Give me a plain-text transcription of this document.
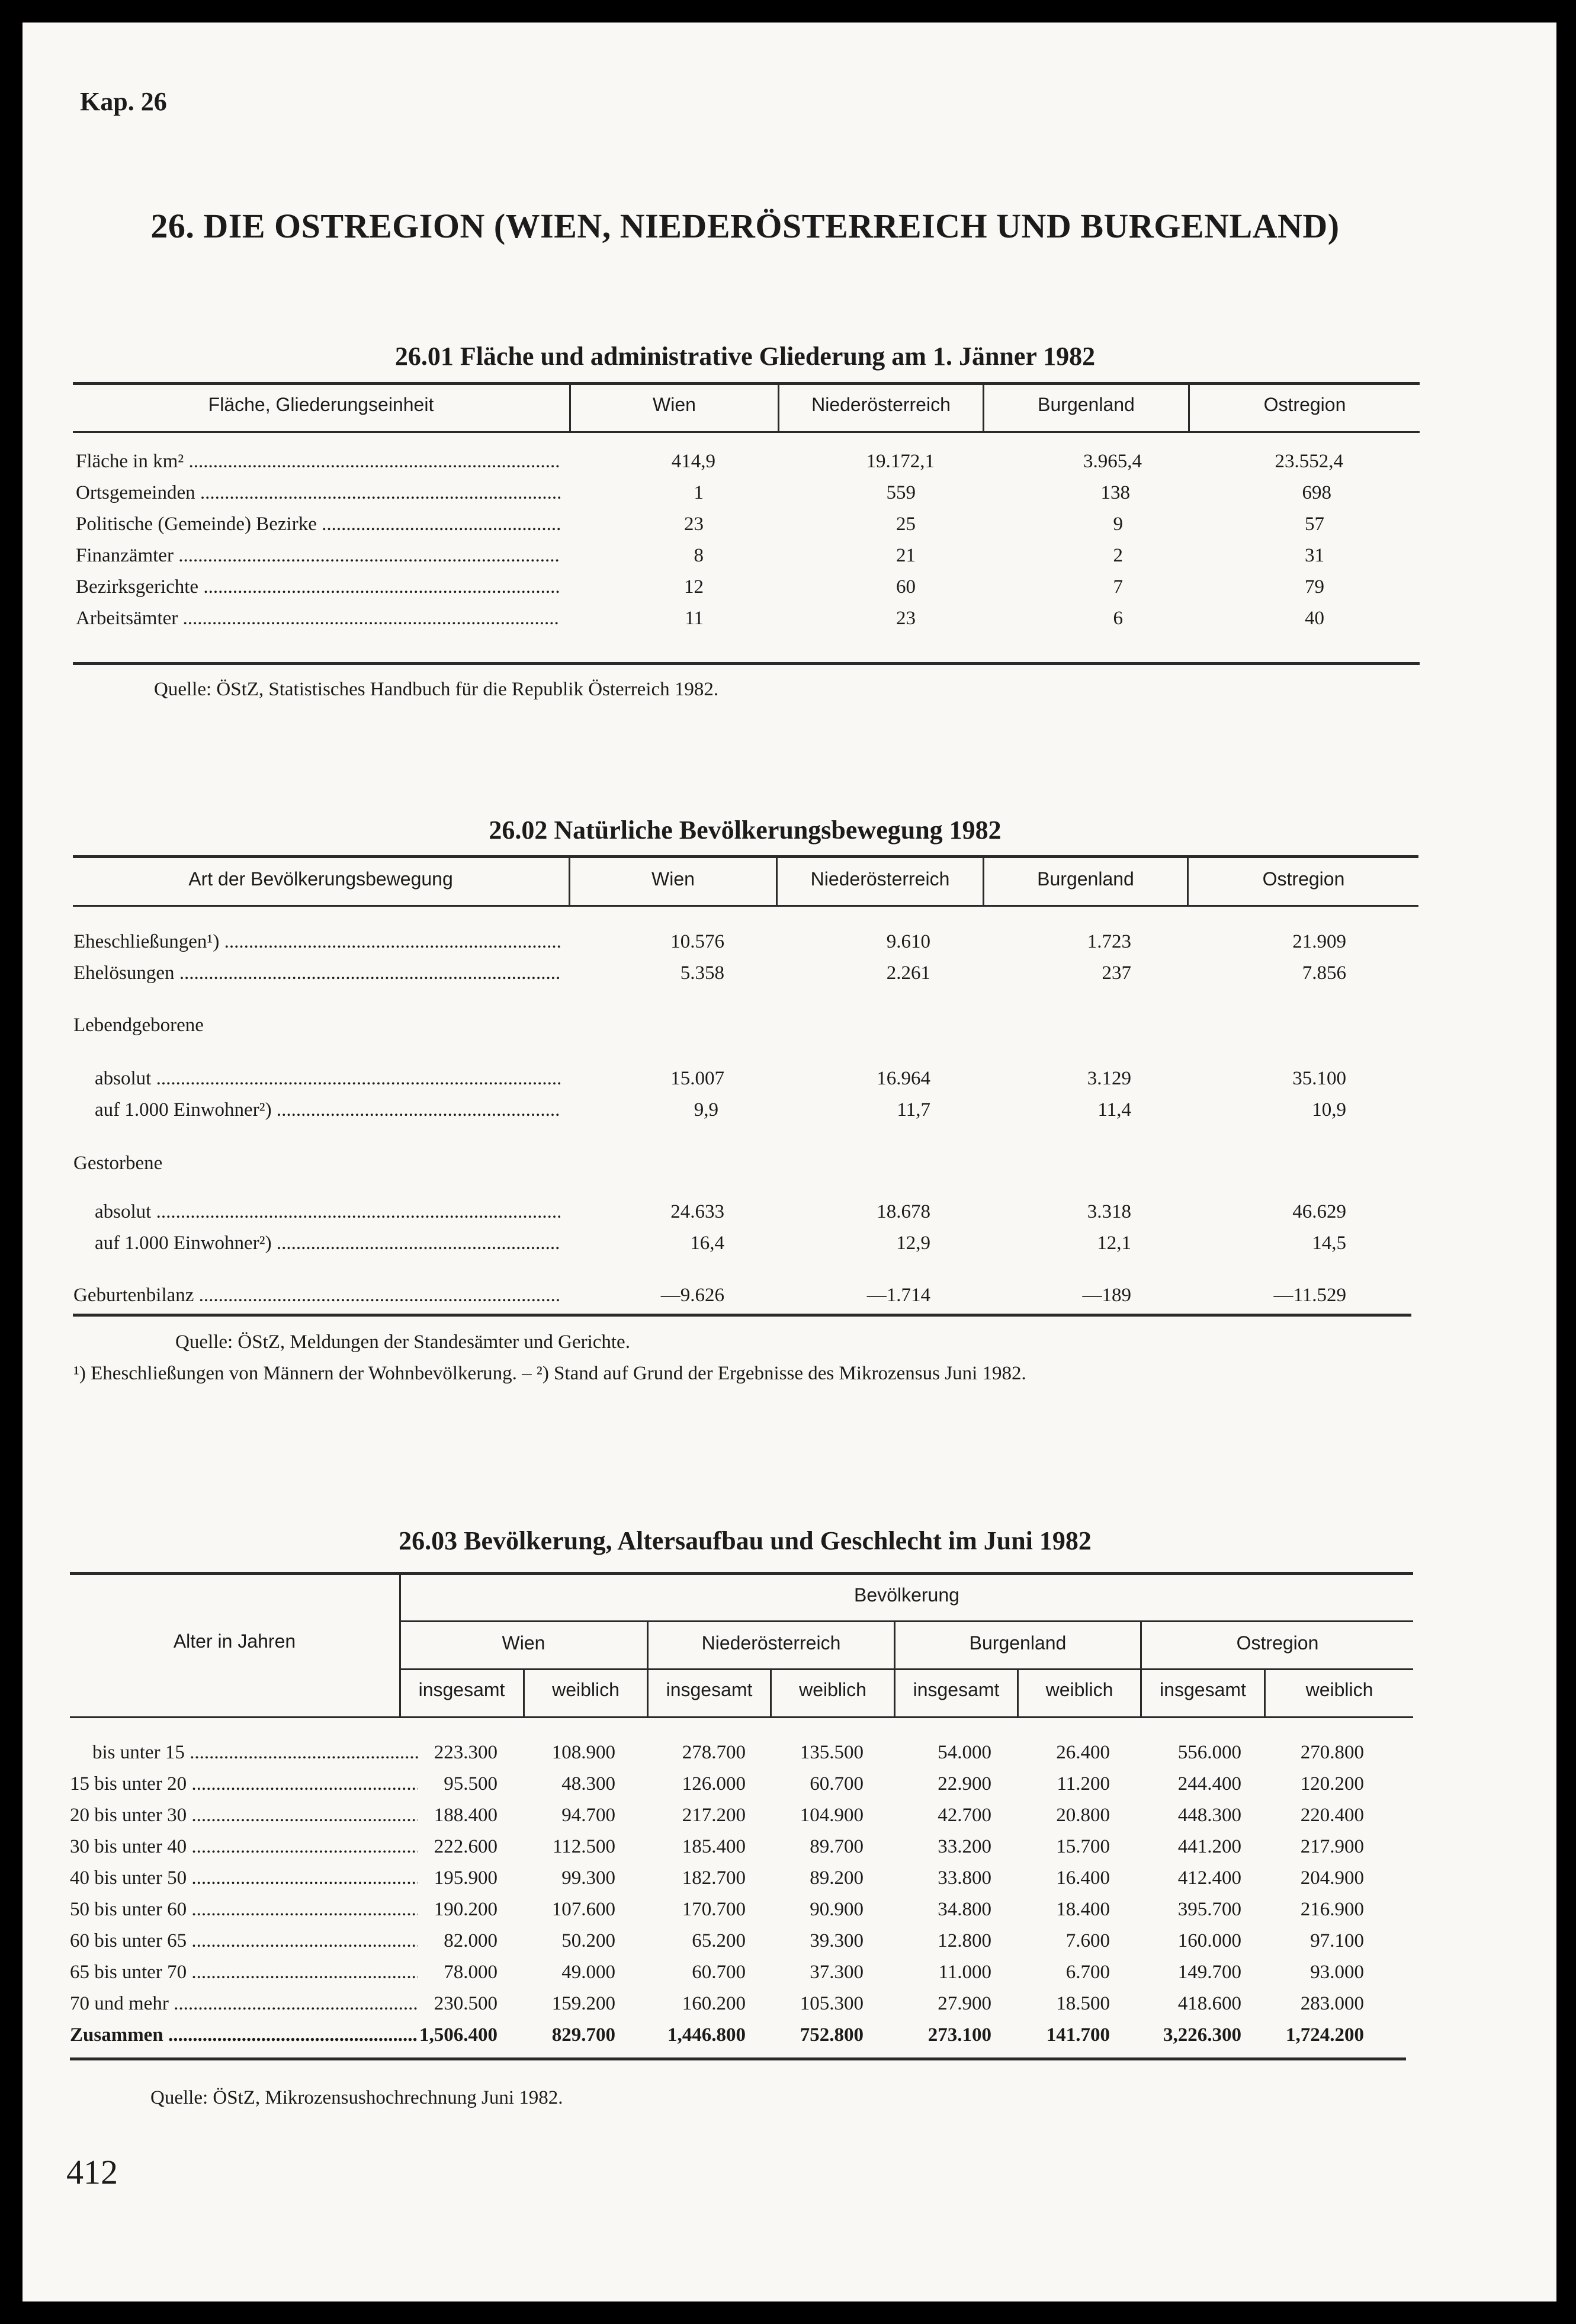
Kap. 26
26. DIE OSTREGION (WIEN, NIEDERÖSTERREICH UND BURGENLAND)
26.01 Fläche und administrative Gliederung am 1. Jänner 1982
Fläche, Gliederungseinheit	Wien	Niederösterreich	Burgenland	Ostregion
Fläche in km² .....	414,9	19.172,1	3.965,4	23.552,4
Ortsgemeinden .....	1	559	138	698
Politische (Gemeinde) Bezirke .....	23	25	9	57
Finanzämter .....	8	21	2	31
Bezirksgerichte .....	12	60	7	79
Arbeitsämter .....	11	23	6	40
Quelle: ÖStZ, Statistisches Handbuch für die Republik Österreich 1982.
26.02 Natürliche Bevölkerungsbewegung 1982
Art der Bevölkerungsbewegung	Wien	Niederösterreich	Burgenland	Ostregion
Eheschließungen¹) .....	10.576	9.610	1.723	21.909
Ehelösungen .....	5.358	2.261	237	7.856
Lebendgeborene
absolut .....	15.007	16.964	3.129	35.100
auf 1.000 Einwohner²) .....	9,9	11,7	11,4	10,9
Gestorbene
absolut .....	24.633	18.678	3.318	46.629
auf 1.000 Einwohner²) .....	16,4	12,9	12,1	14,5
Geburtenbilanz .....	—9.626	—1.714	—189	—11.529
Quelle: ÖStZ, Meldungen der Standesämter und Gerichte.
¹) Eheschließungen von Männern der Wohnbevölkerung. – ²) Stand auf Grund der Ergebnisse des Mikrozensus Juni 1982.
26.03 Bevölkerung, Altersaufbau und Geschlecht im Juni 1982
Alter in Jahren
Bevölkerung
Wien	Niederösterreich	Burgenland	Ostregion
insgesamt	weiblich	insgesamt	weiblich	insgesamt	weiblich	insgesamt	weiblich
bis unter 15 .....	223.300	108.900	278.700	135.500	54.000	26.400	556.000	270.800
15 bis unter 20 .....	95.500	48.300	126.000	60.700	22.900	11.200	244.400	120.200
20 bis unter 30 .....	188.400	94.700	217.200	104.900	42.700	20.800	448.300	220.400
30 bis unter 40 .....	222.600	112.500	185.400	89.700	33.200	15.700	441.200	217.900
40 bis unter 50 .....	195.900	99.300	182.700	89.200	33.800	16.400	412.400	204.900
50 bis unter 60 .....	190.200	107.600	170.700	90.900	34.800	18.400	395.700	216.900
60 bis unter 65 .....	82.000	50.200	65.200	39.300	12.800	7.600	160.000	97.100
65 bis unter 70 .....	78.000	49.000	60.700	37.300	11.000	6.700	149.700	93.000
70 und mehr .....	230.500	159.200	160.200	105.300	27.900	18.500	418.600	283.000
Zusammen .....	1,506.400	829.700	1,446.800	752.800	273.100	141.700	3,226.300	1,724.200
Quelle: ÖStZ, Mikrozensushochrechnung Juni 1982.
412
